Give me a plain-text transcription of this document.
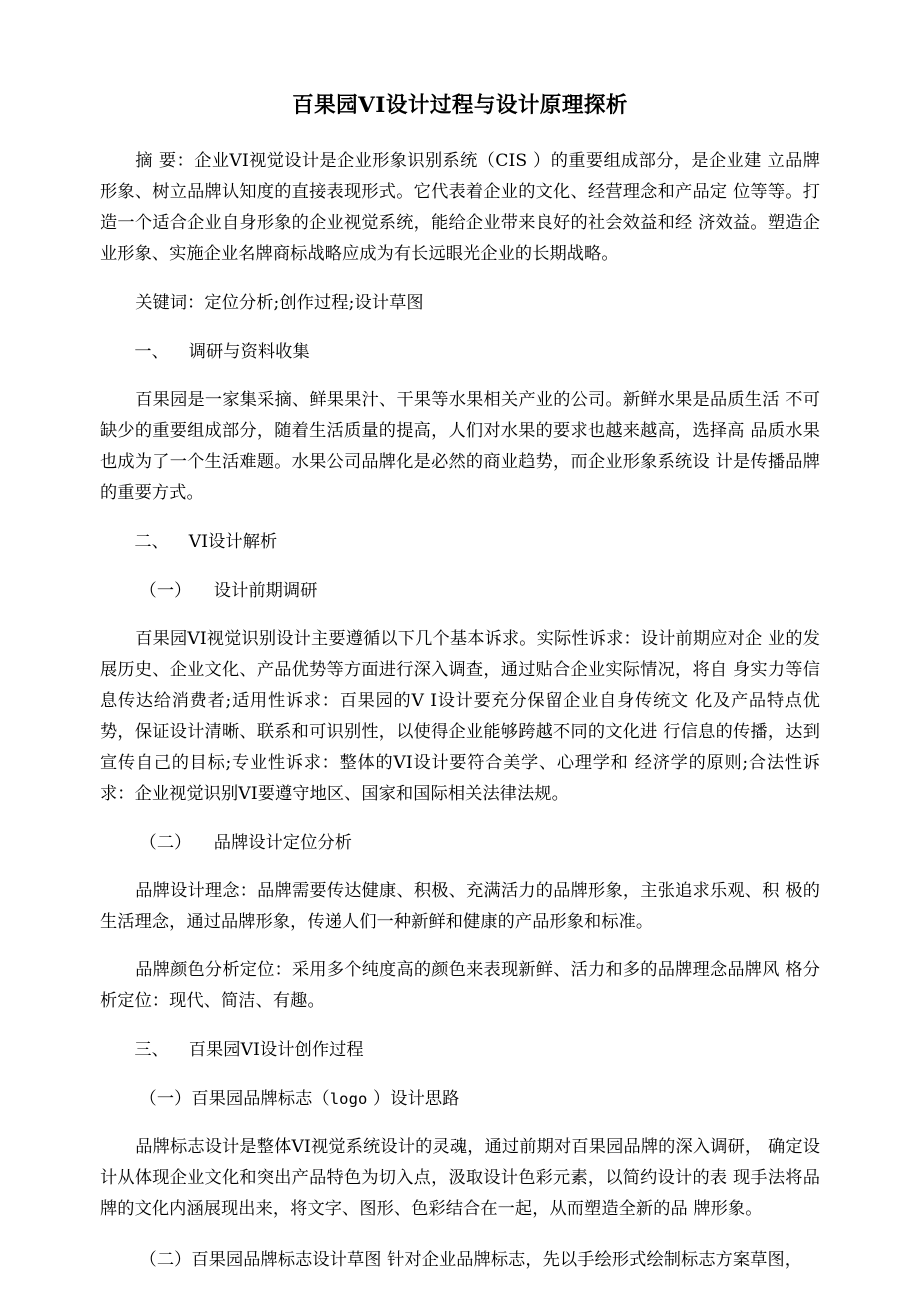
百果园VI设计过程与设计原理探析

摘 要：企业VI视觉设计是企业形象识别系统（CIS ）的重要组成部分，是企业建 立品牌形象、树立品牌认知度的直接表现形式。它代表着企业的文化、经营理念和产品定 位等等。打造一个适合企业自身形象的企业视觉系统，能给企业带来良好的社会效益和经 济效益。塑造企业形象、实施企业名牌商标战略应成为有长远眼光企业的长期战略。

关键词：定位分析;创作过程;设计草图

一、 调研与资料收集

百果园是一家集采摘、鲜果果汁、干果等水果相关产业的公司。新鲜水果是品质生活 不可缺少的重要组成部分，随着生活质量的提高，人们对水果的要求也越来越高，选择高 品质水果也成为了一个生活难题。水果公司品牌化是必然的商业趋势，而企业形象系统设 计是传播品牌的重要方式。

二、 VI设计解析

（一） 设计前期调研

百果园VI视觉识别设计主要遵循以下几个基本诉求。实际性诉求：设计前期应对企 业的发展历史、企业文化、产品优势等方面进行深入调查，通过贴合企业实际情况，将自 身实力等信息传达给消费者;适用性诉求：百果园的V I设计要充分保留企业自身传统文 化及产品特点优势，保证设计清晰、联系和可识别性，以使得企业能够跨越不同的文化进 行信息的传播，达到宣传自己的目标;专业性诉求：整体的VI设计要符合美学、心理学和 经济学的原则;合法性诉求：企业视觉识别VI要遵守地区、国家和国际相关法律法规。

（二） 品牌设计定位分析

品牌设计理念：品牌需要传达健康、积极、充满活力的品牌形象，主张追求乐观、积 极的生活理念，通过品牌形象，传递人们一种新鲜和健康的产品形象和标准。

品牌颜色分析定位：采用多个纯度高的颜色来表现新鲜、活力和多的品牌理念品牌风 格分析定位：现代、简洁、有趣。

三、 百果园VI设计创作过程

（一）百果园品牌标志（logo ）设计思路

品牌标志设计是整体VI视觉系统设计的灵魂，通过前期对百果园品牌的深入调研， 确定设计从体现企业文化和突出产品特色为切入点，汲取设计色彩元素，以简约设计的表 现手法将品牌的文化内涵展现出来，将文字、图形、色彩结合在一起，从而塑造全新的品 牌形象。

（二）百果园品牌标志设计草图 针对企业品牌标志，先以手绘形式绘制标志方案草图，
